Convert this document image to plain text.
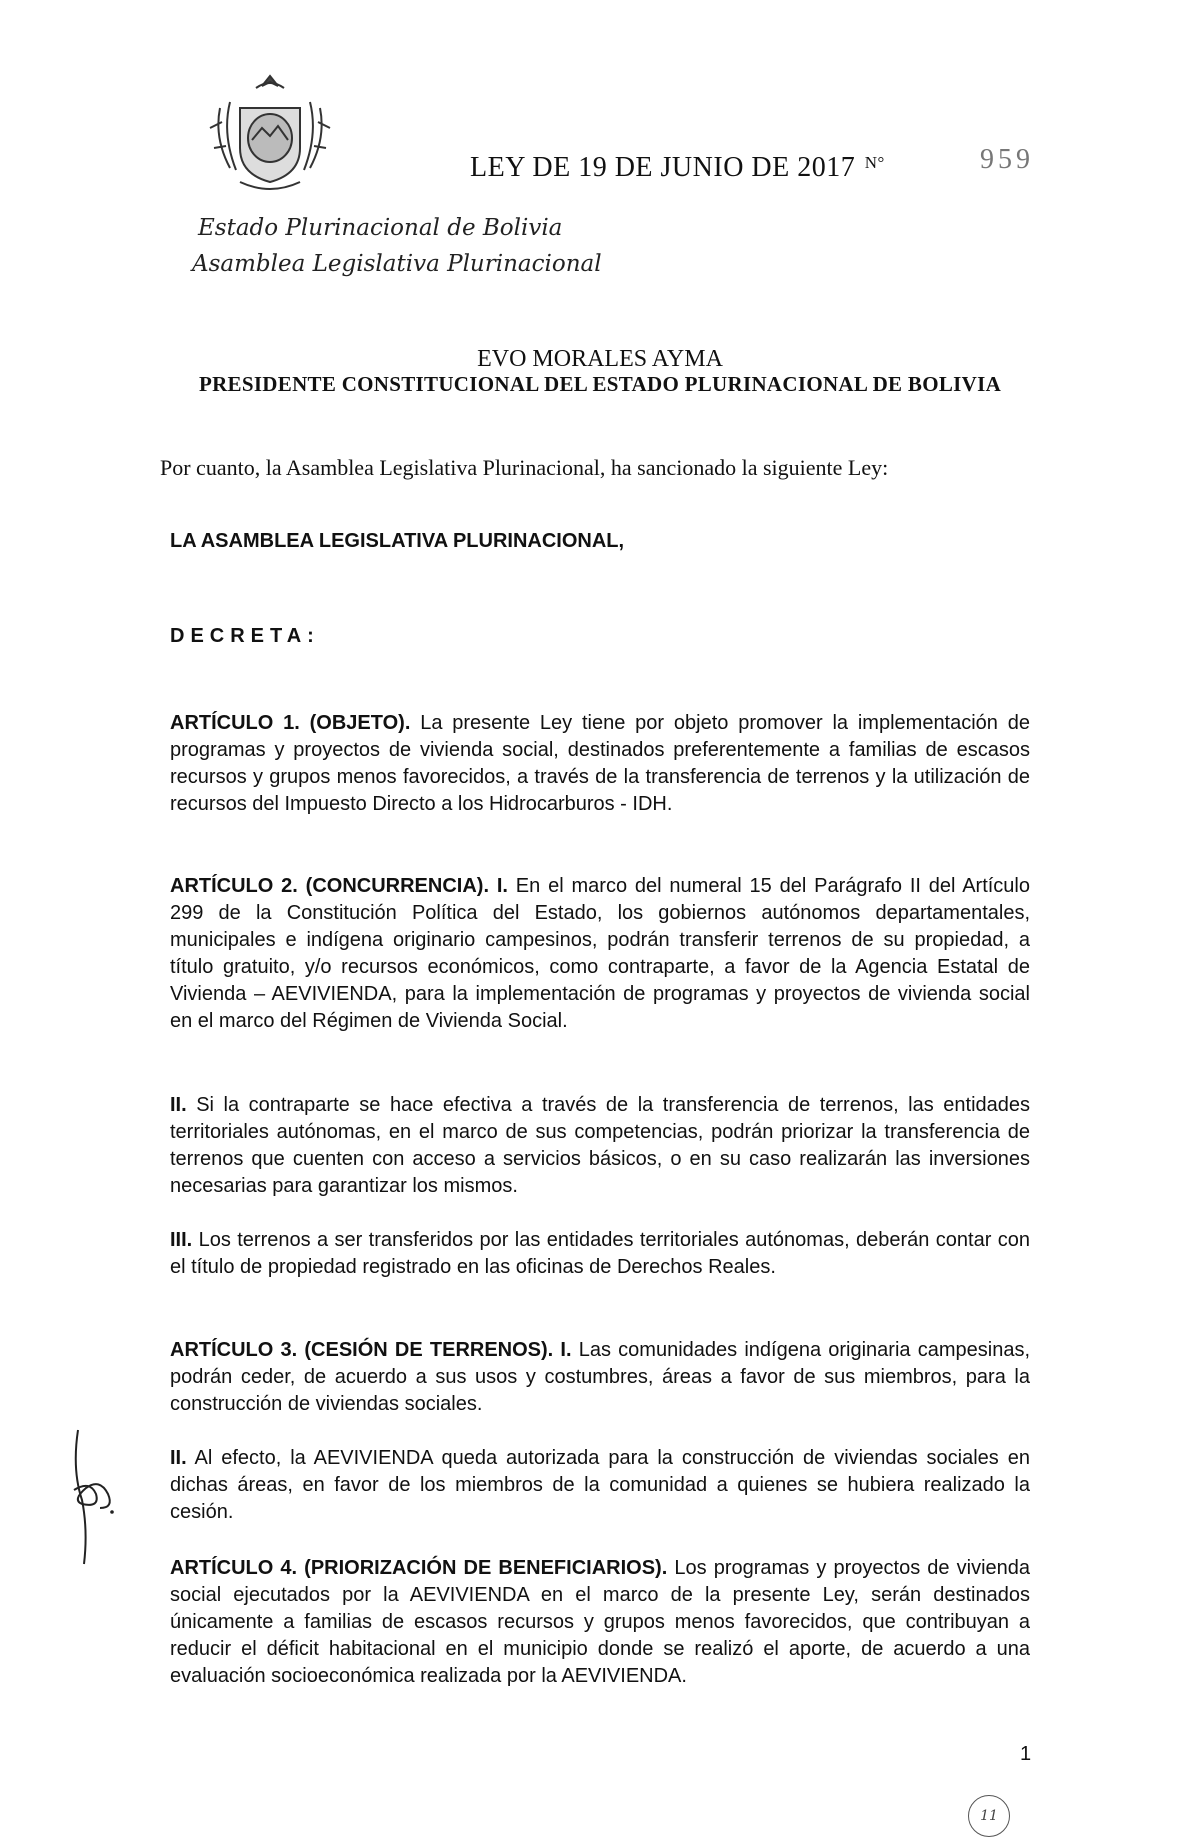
Estado Plurinacional de Bolivia
Asamblea Legislativa Plurinacional
LEY DE 19 DE JUNIO DE 2017 $^{N^\circ}$	959
EVO MORALES AYMA
PRESIDENTE CONSTITUCIONAL DEL ESTADO PLURINACIONAL DE BOLIVIA
Por cuanto, la Asamblea Legislativa Plurinacional, ha sancionado la siguiente Ley:
LA ASAMBLEA LEGISLATIVA PLURINACIONAL,
DECRETA:

ARTÍCULO 1. (OBJETO). La presente Ley tiene por objeto promover la implementación de programas y proyectos de vivienda social, destinados preferentemente a familias de escasos recursos y grupos menos favorecidos, a través de la transferencia de terrenos y la utilización de recursos del Impuesto Directo a los Hidrocarburos - IDH.

ARTÍCULO 2. (CONCURRENCIA). I. En el marco del numeral 15 del Parágrafo II del Artículo 299 de la Constitución Política del Estado, los gobiernos autónomos departamentales, municipales e indígena originario campesinos, podrán transferir terrenos de su propiedad, a título gratuito, y/o recursos económicos, como contraparte, a favor de la Agencia Estatal de Vivienda – AEVIVIENDA, para la implementación de programas y proyectos de vivienda social en el marco del Régimen de Vivienda Social.

II. Si la contraparte se hace efectiva a través de la transferencia de terrenos, las entidades territoriales autónomas, en el marco de sus competencias, podrán priorizar la transferencia de terrenos que cuenten con acceso a servicios básicos, o en su caso realizarán las inversiones necesarias para garantizar los mismos.

III. Los terrenos a ser transferidos por las entidades territoriales autónomas, deberán contar con el título de propiedad registrado en las oficinas de Derechos Reales.

ARTÍCULO 3. (CESIÓN DE TERRENOS). I. Las comunidades indígena originaria campesinas, podrán ceder, de acuerdo a sus usos y costumbres, áreas a favor de sus miembros, para la construcción de viviendas sociales.

II. Al efecto, la AEVIVIENDA queda autorizada para la construcción de viviendas sociales en dichas áreas, en favor de los miembros de la comunidad a quienes se hubiera realizado la cesión.

ARTÍCULO 4. (PRIORIZACIÓN DE BENEFICIARIOS). Los programas y proyectos de vivienda social ejecutados por la AEVIVIENDA en el marco de la presente Ley, serán destinados únicamente a familias de escasos recursos y grupos menos favorecidos, que contribuyan a reducir el déficit habitacional en el municipio donde se realizó el aporte, de acuerdo a una evaluación socioeconómica realizada por la AEVIVIENDA.

1
11
